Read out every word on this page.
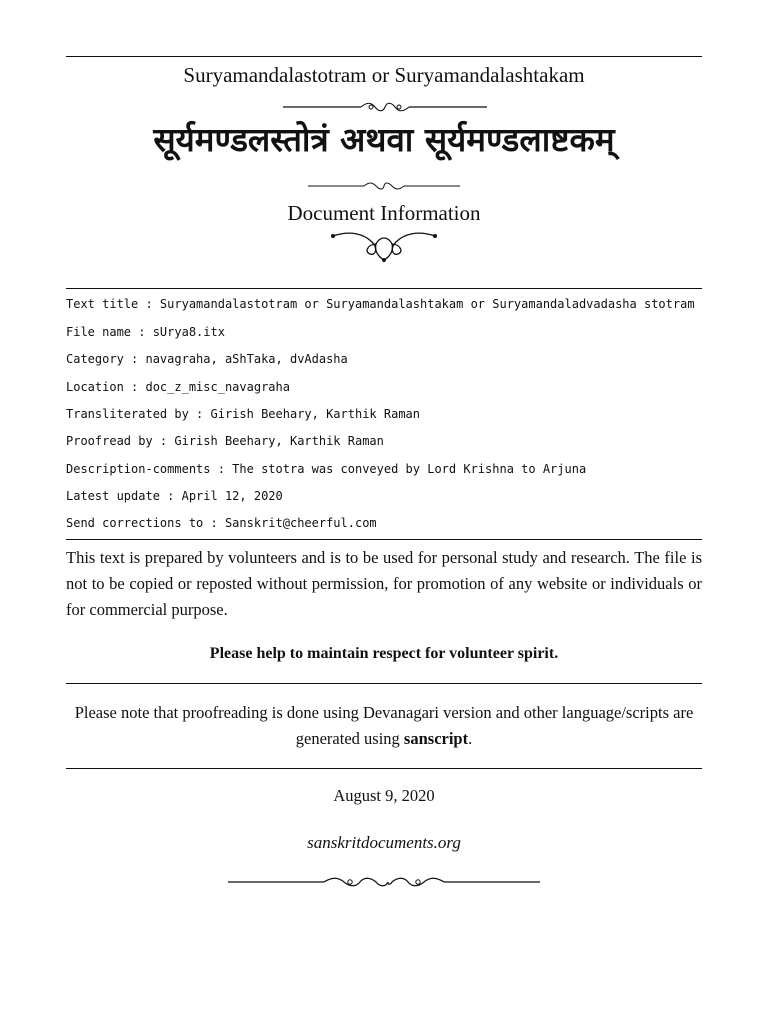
Suryamandalastotram or Suryamandalashtakam
सूर्यमण्डलस्तोत्रं अथवा सूर्यमण्डलाष्टकम्
Document Information
Text title : Suryamandalastotram or Suryamandalashtakam or Suryamandaladvadasha stotram
File name : sUrya8.itx
Category : navagraha, aShTaka, dvAdasha
Location : doc_z_misc_navagraha
Transliterated by : Girish Beehary, Karthik Raman
Proofread by : Girish Beehary, Karthik Raman
Description-comments : The stotra was conveyed by Lord Krishna to Arjuna
Latest update : April 12, 2020
Send corrections to : Sanskrit@cheerful.com
This text is prepared by volunteers and is to be used for personal study and research. The file is not to be copied or reposted without permission, for promotion of any website or individuals or for commercial purpose.
Please help to maintain respect for volunteer spirit.
Please note that proofreading is done using Devanagari version and other language/scripts are generated using sanscript.
August 9, 2020
sanskritdocuments.org
